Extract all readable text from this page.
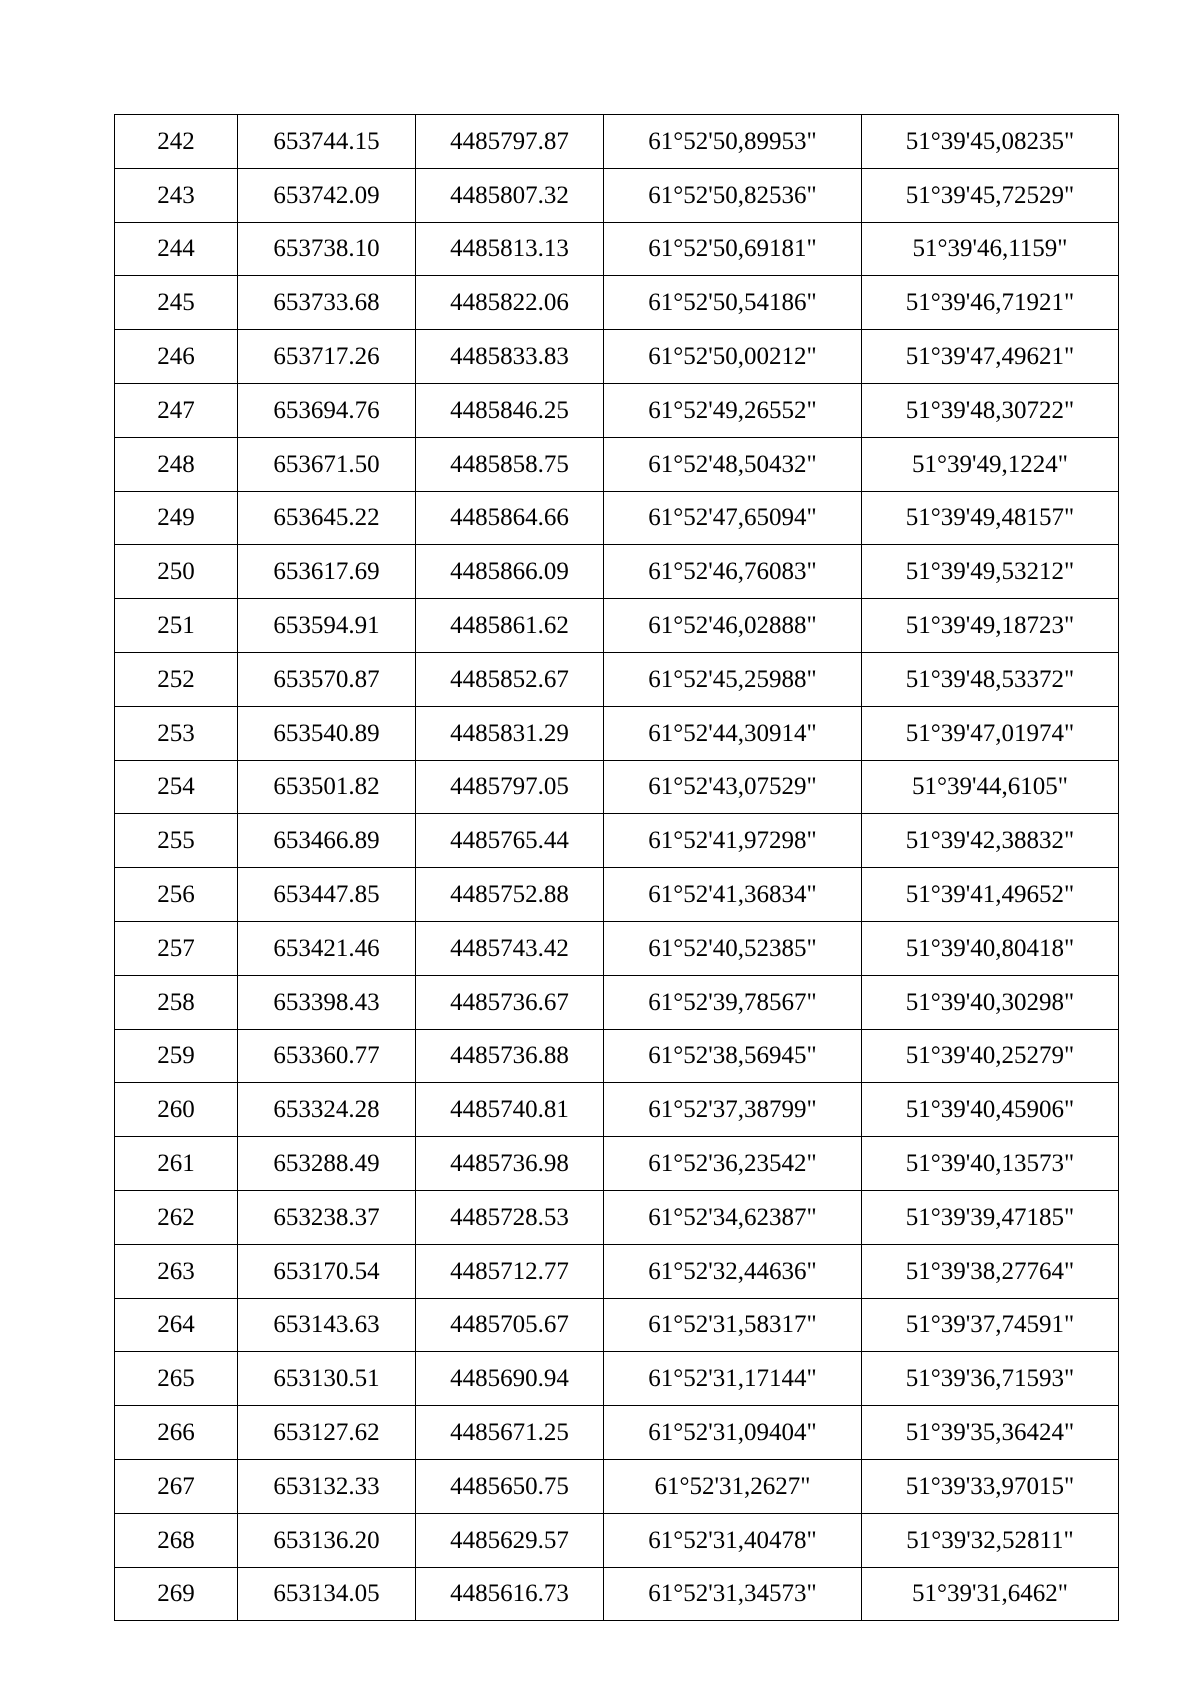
242	653744.15	4485797.87	61°52'50,89953"	51°39'45,08235"
243	653742.09	4485807.32	61°52'50,82536"	51°39'45,72529"
244	653738.10	4485813.13	61°52'50,69181"	51°39'46,1159"
245	653733.68	4485822.06	61°52'50,54186"	51°39'46,71921"
246	653717.26	4485833.83	61°52'50,00212"	51°39'47,49621"
247	653694.76	4485846.25	61°52'49,26552"	51°39'48,30722"
248	653671.50	4485858.75	61°52'48,50432"	51°39'49,1224"
249	653645.22	4485864.66	61°52'47,65094"	51°39'49,48157"
250	653617.69	4485866.09	61°52'46,76083"	51°39'49,53212"
251	653594.91	4485861.62	61°52'46,02888"	51°39'49,18723"
252	653570.87	4485852.67	61°52'45,25988"	51°39'48,53372"
253	653540.89	4485831.29	61°52'44,30914"	51°39'47,01974"
254	653501.82	4485797.05	61°52'43,07529"	51°39'44,6105"
255	653466.89	4485765.44	61°52'41,97298"	51°39'42,38832"
256	653447.85	4485752.88	61°52'41,36834"	51°39'41,49652"
257	653421.46	4485743.42	61°52'40,52385"	51°39'40,80418"
258	653398.43	4485736.67	61°52'39,78567"	51°39'40,30298"
259	653360.77	4485736.88	61°52'38,56945"	51°39'40,25279"
260	653324.28	4485740.81	61°52'37,38799"	51°39'40,45906"
261	653288.49	4485736.98	61°52'36,23542"	51°39'40,13573"
262	653238.37	4485728.53	61°52'34,62387"	51°39'39,47185"
263	653170.54	4485712.77	61°52'32,44636"	51°39'38,27764"
264	653143.63	4485705.67	61°52'31,58317"	51°39'37,74591"
265	653130.51	4485690.94	61°52'31,17144"	51°39'36,71593"
266	653127.62	4485671.25	61°52'31,09404"	51°39'35,36424"
267	653132.33	4485650.75	61°52'31,2627"	51°39'33,97015"
268	653136.20	4485629.57	61°52'31,40478"	51°39'32,52811"
269	653134.05	4485616.73	61°52'31,34573"	51°39'31,6462"
